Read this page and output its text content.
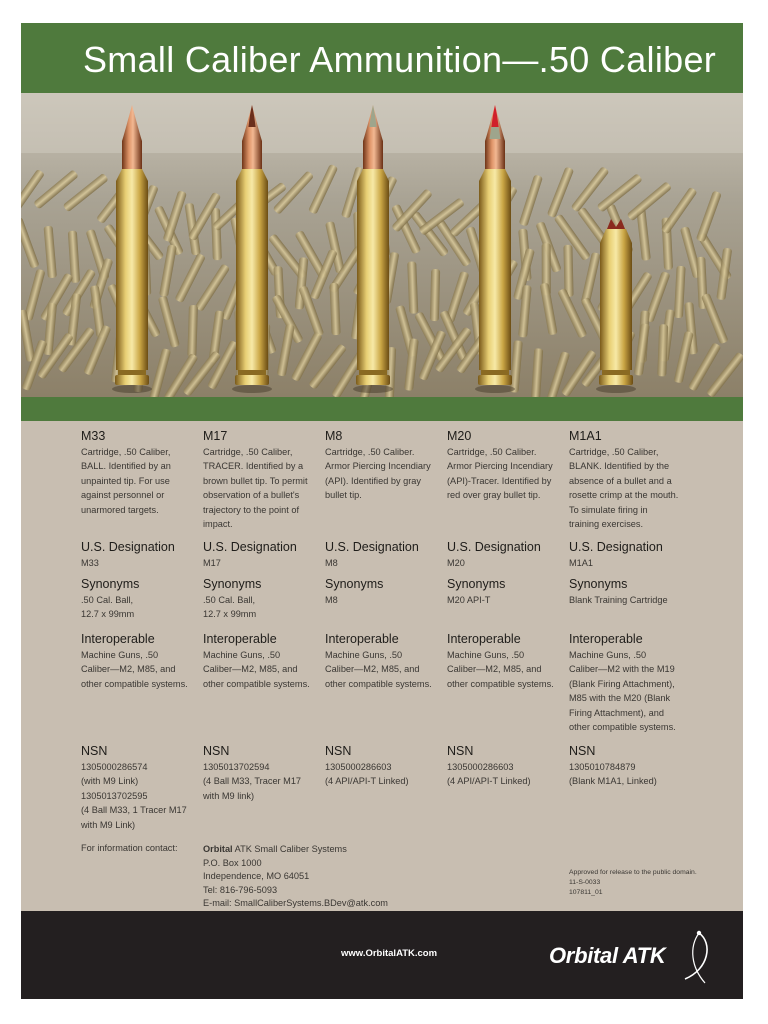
Small Caliber Ammunition—.50 Caliber
M33
Cartridge, .50 Caliber,
BALL. Identified by an
unpainted tip. For use
against personnel or
unarmored targets.
U.S. Designation
M33
Synonyms
.50 Cal. Ball,
12.7 x 99mm
Interoperable
Machine Guns, .50
Caliber—M2, M85, and
other compatible systems.
NSN
1305000286574
(with M9 Link)
1305013702595
(4 Ball M33, 1 Tracer M17
with M9 Link)
M17
Cartridge, .50 Caliber,
TRACER. Identified by a
brown bullet tip. To permit
observation of a bullet's
trajectory to the point of
impact.
U.S. Designation
M17
Synonyms
.50 Cal. Ball,
12.7 x 99mm
Interoperable
Machine Guns, .50
Caliber—M2, M85, and
other compatible systems.
NSN
1305013702594
(4 Ball M33, Tracer M17
with M9 link)
M8
Cartridge, .50 Caliber.
Armor Piercing Incendiary
(API). Identified by gray
bullet tip.
U.S. Designation
M8
Synonyms
M8
Interoperable
Machine Guns, .50
Caliber—M2, M85, and
other compatible systems.
NSN
1305000286603
(4 API/API-T Linked)
M20
Cartridge, .50 Caliber.
Armor Piercing Incendiary
(API)-Tracer. Identified by
red over gray bullet tip.
U.S. Designation
M20
Synonyms
M20 API-T
Interoperable
Machine Guns, .50
Caliber—M2, M85, and
other compatible systems.
NSN
1305000286603
(4 API/API-T Linked)
M1A1
Cartridge, .50 Caliber,
BLANK. Identified by the
absence of a bullet and a
rosette crimp at the mouth.
To simulate firing in
training exercises.
U.S. Designation
M1A1
Synonyms
Blank Training Cartridge
Interoperable
Machine Guns, .50
Caliber—M2 with the M19
(Blank Firing Attachment),
M85 with the M20 (Blank
Firing Attachment), and
other compatible systems.
NSN
1305010784879
(Blank M1A1, Linked)
For information contact:	Orbital ATK Small Caliber Systems
P.O. Box 1000
Independence, MO 64051
Tel: 816-796-5093
E-mail: SmallCaliberSystems.BDev@atk.com
Approved for release to the public domain.
11-S-0033
107811_01
www.OrbitalATK.com	Orbital ATK
